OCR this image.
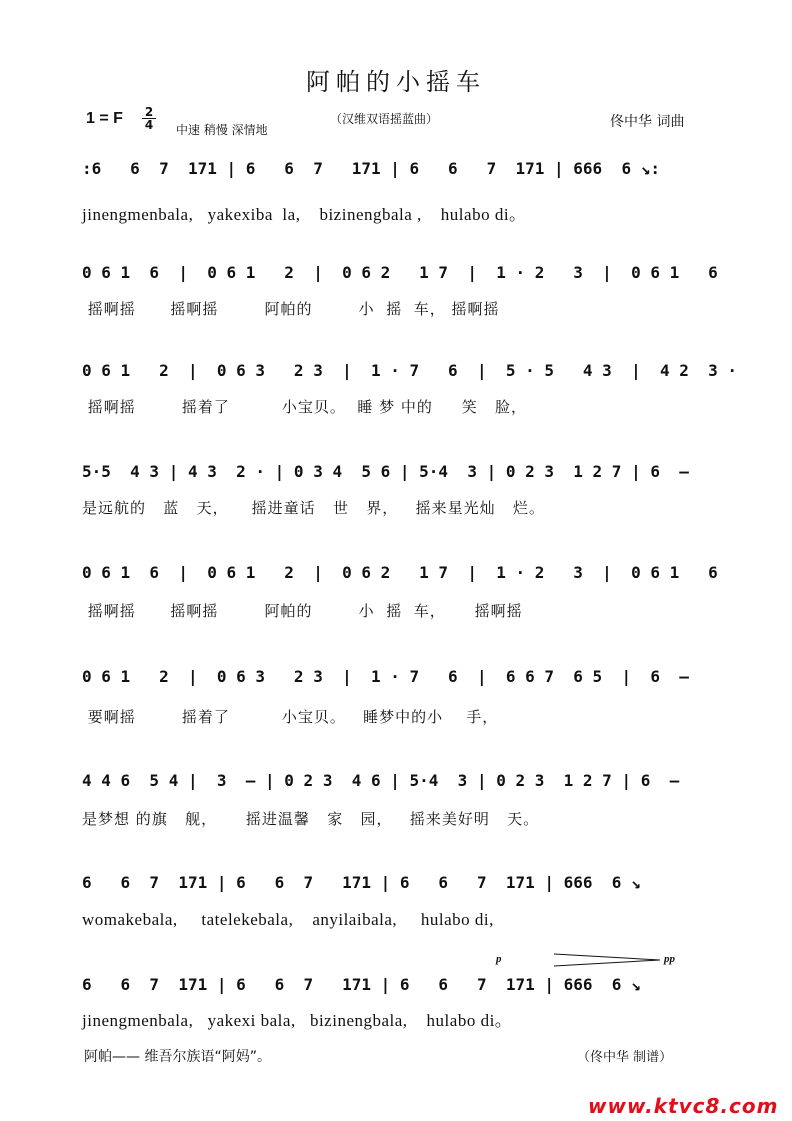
阿帕的小摇车
1 = F 2
4 中速 稍慢 深情地
（汉维双语摇蓝曲）	佟中华 词曲
:6   6  7  171 | 6   6  7   171 | 6   6   7  171 | 666  6 ↘:
jinengmenbala,   yakexiba  la,    bizinengbala ,    hulabo di。
0 6 1  6  |  0 6 1   2  |  0 6 2   1 7  |  1 · 2   3  |  0 6 1   6
摇啊摇      摇啊摇        阿帕的        小  摇  车， 摇啊摇
0 6 1   2  |  0 6 3   2 3  |  1 · 7   6  |  5 · 5   4 3  |  4 2  3 ·
摇啊摇        摇着了         小宝贝。  睡 梦 中的     笑   脸，
5·5  4 3 | 4 3  2 · | 0 3 4  5 6 | 5·4  3 | 0 2 3  1 2 7 | 6  –
是远航的   蓝   天，    摇进童话   世   界，   摇来星光灿   烂。
0 6 1  6  |  0 6 1   2  |  0 6 2   1 7  |  1 · 2   3  |  0 6 1   6
摇啊摇      摇啊摇        阿帕的        小  摇  车，     摇啊摇
0 6 1   2  |  0 6 3   2 3  |  1 · 7   6  |  6 6 7  6 5  |  6  –
要啊摇        摇着了         小宝贝。   睡梦中的小    手，
4 4 6  5 4 |  3  – | 0 2 3  4 6 | 5·4  3 | 0 2 3  1 2 7 | 6  –
是梦想 的旗   舰，     摇进温馨   家   园，   摇来美好明   天。
6   6  7  171 | 6   6  7   171 | 6   6   7  171 | 666  6 ↘
womakebala,     tatelekebala,    anyilaibala,     hulabo di,
p	pp
6   6  7  171 | 6   6  7   171 | 6   6   7  171 | 666  6 ↘
jinengmenbala,   yakexi bala,   bizinengbala,    hulabo di。
阿帕—— 维吾尔族语“阿妈”。	（佟中华 制谱）
www.ktvc8.com
